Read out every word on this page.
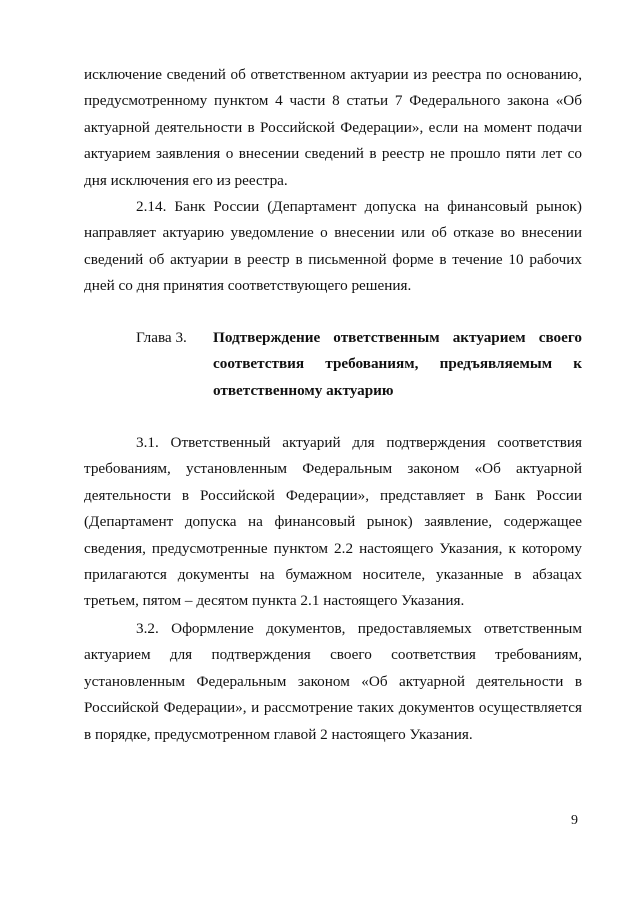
исключение сведений об ответственном актуарии из реестра по основанию, предусмотренному пунктом 4 части 8 статьи 7 Федерального закона «Об актуарной деятельности в Российской Федерации», если на момент подачи актуарием заявления о внесении сведений в реестр не прошло пяти лет со дня исключения его из реестра.

2.14. Банк России (Департамент допуска на финансовый рынок) направляет актуарию уведомление о внесении или об отказе во внесении сведений об актуарии в реестр в письменной форме в течение 10 рабочих дней со дня принятия соответствующего решения.

Глава 3. Подтверждение ответственным актуарием своего соответствия требованиям, предъявляемым к ответственному актуарию

3.1. Ответственный актуарий для подтверждения соответствия требованиям, установленным Федеральным законом «Об актуарной деятельности в Российской Федерации», представляет в Банк России (Департамент допуска на финансовый рынок) заявление, содержащее сведения, предусмотренные пунктом 2.2 настоящего Указания, к которому прилагаются документы на бумажном носителе, указанные в абзацах третьем, пятом – десятом пункта 2.1 настоящего Указания.

3.2. Оформление документов, предоставляемых ответственным актуарием для подтверждения своего соответствия требованиям, установленным Федеральным законом «Об актуарной деятельности в Российской Федерации», и рассмотрение таких документов осуществляется в порядке, предусмотренном главой 2 настоящего Указания.

9
